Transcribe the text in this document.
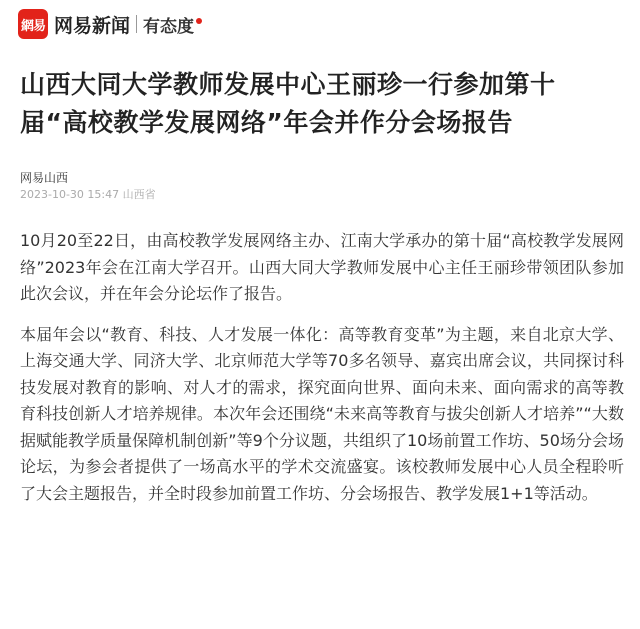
網易 网易新闻 有态度
山西大同大学教师发展中心王丽珍一行参加第十届“高校教学发展网络”年会并作分会场报告
网易山西
2023-10-30 15:47 山西省

10月20至22日，由高校教学发展网络主办、江南大学承办的第十届“高校教学发展网络”2023年会在江南大学召开。山西大同大学教师发展中心主任王丽珍带领团队参加此次会议，并在年会分论坛作了报告。

本届年会以“教育、科技、人才发展一体化：高等教育变革”为主题，来自北京大学、上海交通大学、同济大学、北京师范大学等70多名领导、嘉宾出席会议，共同探讨科技发展对教育的影响、对人才的需求，探究面向世界、面向未来、面向需求的高等教育科技创新人才培养规律。本次年会还围绕“未来高等教育与拔尖创新人才培养”“大数据赋能教学质量保障机制创新”等9个分议题，共组织了10场前置工作坊、50场分会场论坛，为参会者提供了一场高水平的学术交流盛宴。该校教师发展中心人员全程聆听了大会主题报告，并全时段参加前置工作坊、分会场报告、教学发展1+1等活动。
